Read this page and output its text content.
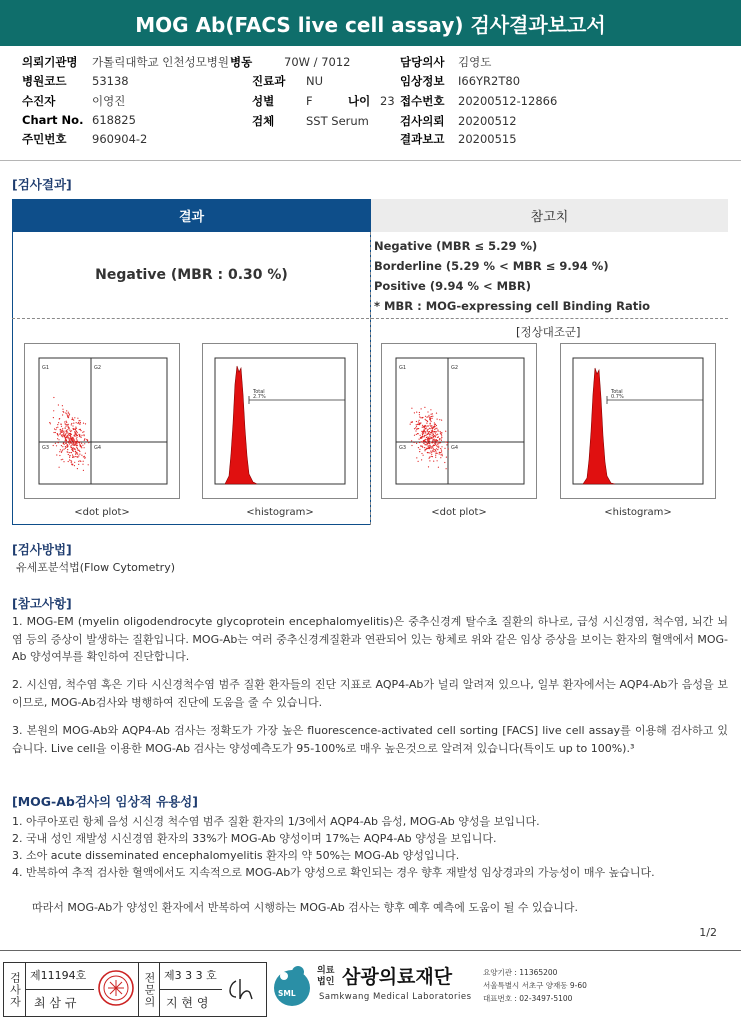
MOG Ab(FACS live cell assay) 검사결과보고서
의뢰기관명 가톨릭대학교 인천성모병원 병동	70W / 7012	담당의사 김영도
병원코드 53138	진료과 NU	임상정보 I66YR2T80
수진자	이영진	성별	F	나이 23 접수번호 20200512-12866
Chart No. 618825	검체	SST Serum	검사의뢰 20200512
주민번호 960904-2	결과보고 20200515
[검사결과]
결과	참고치
Negative (MBR : 0.30 %)
Negative (MBR ≤ 5.29 %)
Borderline (5.29 % < MBR ≤ 9.94 %)
Positive (9.94 % < MBR)
* MBR : MOG-expressing cell Binding Ratio
[정상대조군]
G1	G2
G3	G4
<dot plot>
Total
2.7%
<histogram>
G1	G2
G3	G4
<dot plot>
Total
0.7%
<histogram>
[검사방법]
유세포분석법(Flow Cytometry)
[참고사항]
1. MOG-EM (myelin oligodendrocyte glycoprotein encephalomyelitis)은 중추신경계 탈수초 질환의 하나로, 급성 시신경염, 척수염, 뇌간 뇌염 등의 증상이 발생하는 질환입니다. MOG-Ab는 여러 중추신경계질환과 연관되어 있는 항체로 위와 같은 임상 증상을 보이는 환자의 혈액에서 MOG-Ab 양성여부를 확인하여 진단합니다.
2. 시신염, 척수염 혹은 기타 시신경척수염 범주 질환 환자들의 진단 지표로 AQP4-Ab가 널리 알려져 있으나, 일부 환자에서는 AQP4-Ab가 음성을 보이므로, MOG-Ab검사와 병행하여 진단에 도움을 줄 수 있습니다.
3. 본원의 MOG-Ab와 AQP4-Ab 검사는 정확도가 가장 높은 fluorescence-activated cell sorting [FACS] live cell assay를 이용해 검사하고 있습니다. Live cell을 이용한 MOG-Ab 검사는 양성예측도가 95-100%로 매우 높은것으로 알려져 있습니다(특이도 up to 100%).³
[MOG-Ab검사의 임상적 유용성]
1. 아쿠아포린 항체 음성 시신경 척수염 범주 질환 환자의 1/3에서 AQP4-Ab 음성, MOG-Ab 양성을 보입니다.
2. 국내 성인 재발성 시신경염 환자의 33%가 MOG-Ab 양성이며 17%는 AQP4-Ab 양성을 보입니다.
3. 소아 acute disseminated encephalomyelitis 환자의 약 50%는 MOG-Ab 양성입니다.
4. 반복하여 추적 검사한 혈액에서도 지속적으로 MOG-Ab가 양성으로 확인되는 경우 향후 재발성 임상경과의 가능성이 매우 높습니다.
따라서 MOG-Ab가 양성인 환자에서 반복하여 시행하는 MOG-Ab 검사는 향후 예후 예측에 도움이 될 수 있습니다.
1/2
검사자 제11194호
최 삼 규	전문의 제3 3 3 호
지 현 영
SML
의료법인 삼광의료재단
Samkwang Medical Laboratories
요양기관 : 11365200
서울특별시 서초구 양재동 9-60
대표번호 : 02-3497-5100
